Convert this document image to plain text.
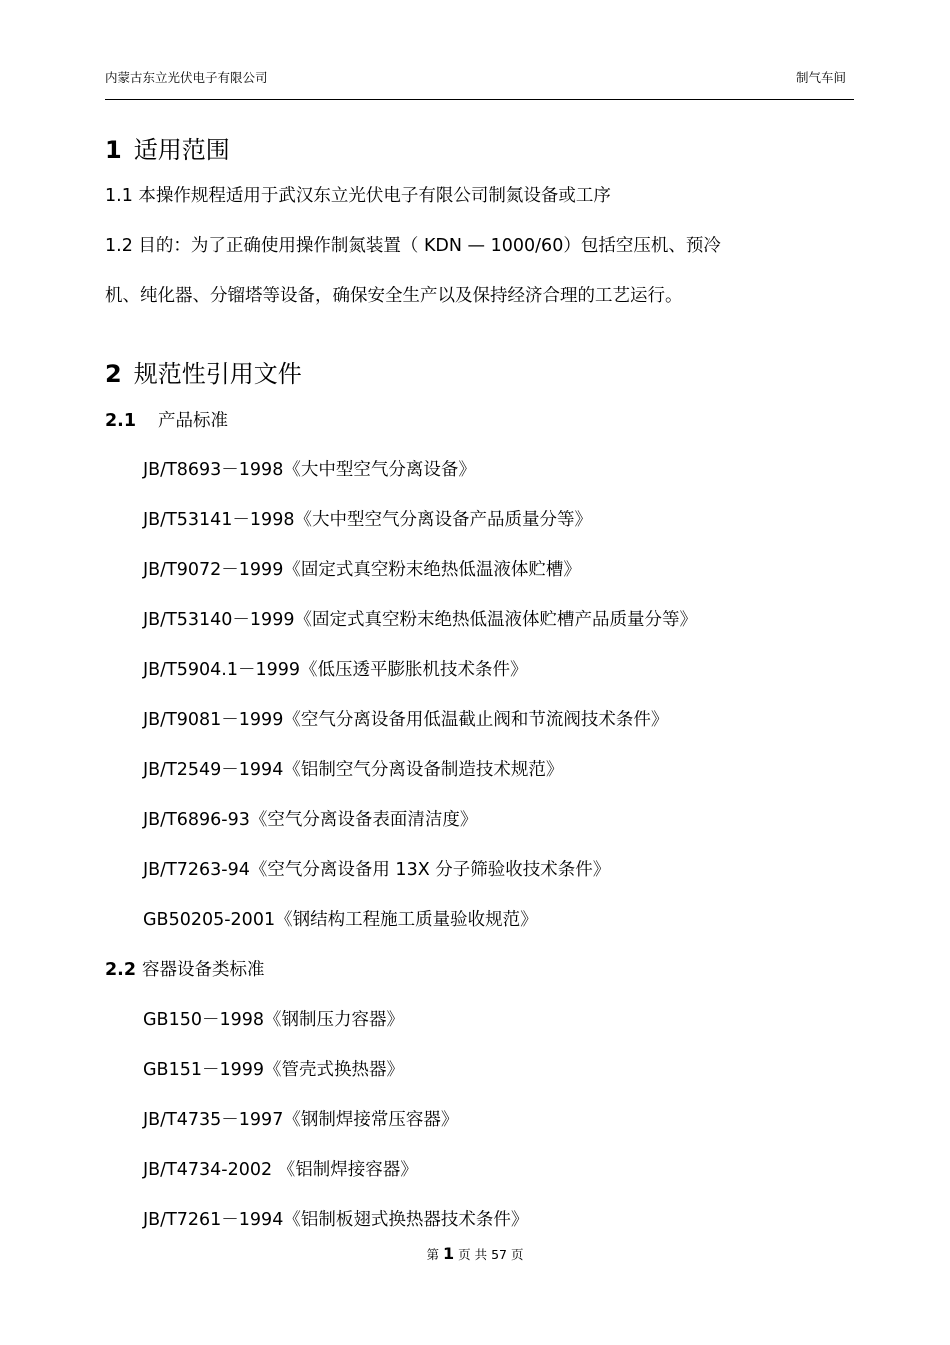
内蒙古东立光伏电子有限公司	制气车间
1 适用范围
1.1 本操作规程适用于武汉东立光伏电子有限公司制氮设备或工序
1.2 目的：为了正确使用操作制氮装置（ KDN — 1000/60）包括空压机、预冷
机、纯化器、分镏塔等设备，确保安全生产以及保持经济合理的工艺运行。
2 规范性引用文件
2.1 产品标准
JB/T8693－1998《大中型空气分离设备》
JB/T53141－1998《大中型空气分离设备产品质量分等》
JB/T9072－1999《固定式真空粉末绝热低温液体贮槽》
JB/T53140－1999《固定式真空粉末绝热低温液体贮槽产品质量分等》
JB/T5904.1－1999《低压透平膨胀机技术条件》
JB/T9081－1999《空气分离设备用低温截止阀和节流阀技术条件》
JB/T2549－1994《铝制空气分离设备制造技术规范》
JB/T6896-93《空气分离设备表面清洁度》
JB/T7263-94《空气分离设备用 13X 分子筛验收技术条件》
GB50205-2001《钢结构工程施工质量验收规范》
2.2 容器设备类标准
GB150－1998《钢制压力容器》
GB151－1999《管壳式换热器》
JB/T4735－1997《钢制焊接常压容器》
JB/T4734-2002 《铝制焊接容器》
JB/T7261－1994《铝制板翅式换热器技术条件》
第 1 页 共 57 页
